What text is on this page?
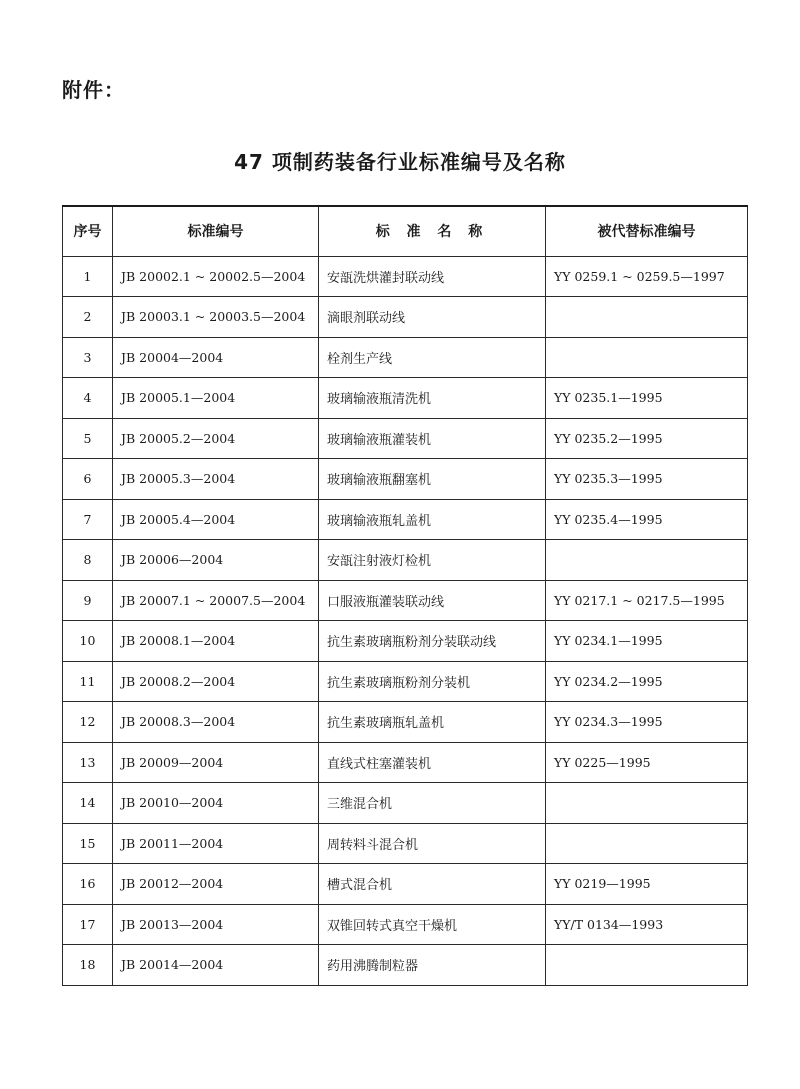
附件：
47 项制药装备行业标准编号及名称
序号	标准编号	标 准 名 称	被代替标准编号
1	JB 20002.1 ~ 20002.5—2004	安瓿洗烘灌封联动线	YY 0259.1 ~ 0259.5—1997
2	JB 20003.1 ~ 20003.5—2004	滴眼剂联动线	
3	JB 20004—2004	栓剂生产线	
4	JB 20005.1—2004	玻璃输液瓶清洗机	YY 0235.1—1995
5	JB 20005.2—2004	玻璃输液瓶灌装机	YY 0235.2—1995
6	JB 20005.3—2004	玻璃输液瓶翻塞机	YY 0235.3—1995
7	JB 20005.4—2004	玻璃输液瓶轧盖机	YY 0235.4—1995
8	JB 20006—2004	安瓿注射液灯检机	
9	JB 20007.1 ~ 20007.5—2004	口服液瓶灌装联动线	YY 0217.1 ~ 0217.5—1995
10	JB 20008.1—2004	抗生素玻璃瓶粉剂分装联动线	YY 0234.1—1995
11	JB 20008.2—2004	抗生素玻璃瓶粉剂分装机	YY 0234.2—1995
12	JB 20008.3—2004	抗生素玻璃瓶轧盖机	YY 0234.3—1995
13	JB 20009—2004	直线式柱塞灌装机	YY 0225—1995
14	JB 20010—2004	三维混合机	
15	JB 20011—2004	周转料斗混合机	
16	JB 20012—2004	槽式混合机	YY 0219—1995
17	JB 20013—2004	双锥回转式真空干燥机	YY/T 0134—1993
18	JB 20014—2004	药用沸腾制粒器	
